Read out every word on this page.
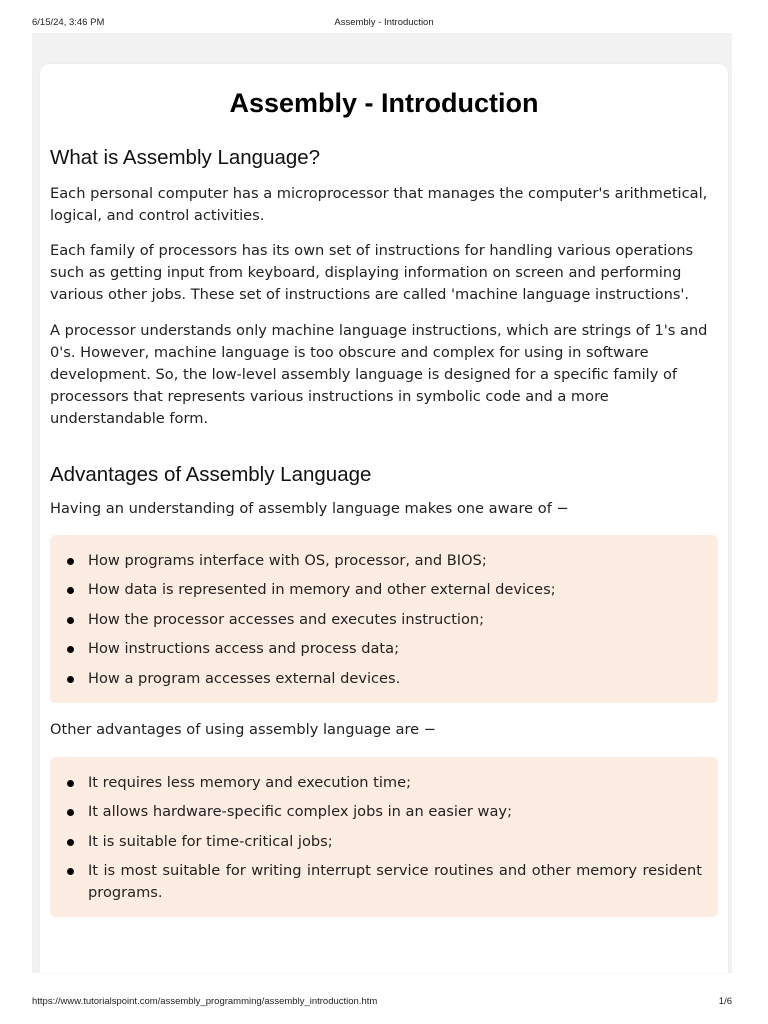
6/15/24, 3:46 PM	Assembly - Introduction
Assembly - Introduction
What is Assembly Language?

Each personal computer has a microprocessor that manages the computer's arithmetical, logical, and control activities.

Each family of processors has its own set of instructions for handling various operations such as getting input from keyboard, displaying information on screen and performing various other jobs. These set of instructions are called 'machine language instructions'.

A processor understands only machine language instructions, which are strings of 1's and 0's. However, machine language is too obscure and complex for using in software development. So, the low-level assembly language is designed for a specific family of processors that represents various instructions in symbolic code and a more understandable form.

Advantages of Assembly Language

Having an understanding of assembly language makes one aware of −

How programs interface with OS, processor, and BIOS;
How data is represented in memory and other external devices;
How the processor accesses and executes instruction;
How instructions access and process data;
How a program accesses external devices.

Other advantages of using assembly language are −

It requires less memory and execution time;
It allows hardware-specific complex jobs in an easier way;
It is suitable for time-critical jobs;
It is most suitable for writing interrupt service routines and other memory resident programs.
https://www.tutorialspoint.com/assembly_programming/assembly_introduction.htm	1/6
